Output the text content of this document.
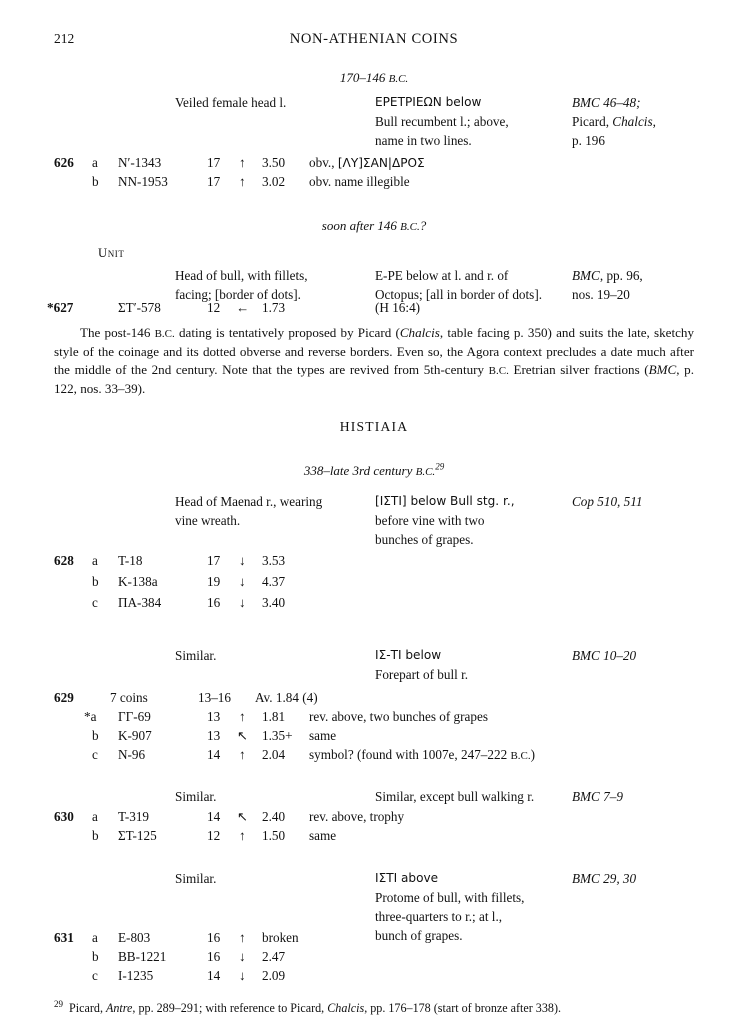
212	NON-ATHENIAN COINS
170–146 B.C.
Veiled female head l.	ΕΡΕΤΡΙΕΩΝ below	BMC 46–48;
Bull recumbent l.; above,	Picard, Chalcis,
name in two lines.	p. 196
626 a N′-1343	17 ↑ 3.50 obv., [ΛΥ]ΣΑΝ|ΔΡΟΣ
b NN-1953	17 ↑ 3.02 obv. name illegible
soon after 146 B.C.?
Unit
Head of bull, with fillets,	E-PE below at l. and r. of	BMC, pp. 96,
facing; [border of dots].	Octopus; [all in border of dots]. nos. 19–20
*627	ΣΤ′-578	12 ← 1.73	(H 16:4)
The post-146 B.C. dating is tentatively proposed by Picard (Chalcis, table facing p. 350) and suits the late, sketchy style of the coinage and its dotted obverse and reverse borders. Even so, the Agora context precludes a date much after the middle of the 2nd century. Note that the types are revived from 5th-century B.C. Eretrian silver fractions (BMC, p. 122, nos. 33–39).
HISTIAIA
338–late 3rd century B.C.$^{29}$
Head of Maenad r., wearing	[ΙΣΤΙ] below Bull stg. r.,	Cop 510, 511
vine wreath.	before vine with two
bunches of grapes.
628 a T-18	17 ↓ 3.53
b K-138a	19 ↓ 4.37
c ΠΑ-384	16 ↓ 3.40
Similar.	ΙΣ-ΤΙ below	BMC 10–20
Forepart of bull r.
629	7 coins	13–16 Av. 1.84 (4)
*a ΓΓ-69	13 ↑ 1.81 rev. above, two bunches of grapes
b K-907	13 ↖ 1.35+ same
c N-96	14 ↑ 2.04 symbol? (found with 1007e, 247–222 B.C.)
Similar.	Similar, except bull walking r.	BMC 7–9
630 a T-319	14 ↖ 2.40 rev. above, trophy
b ΣT-125	12 ↑ 1.50 same
Similar.	ΙΣΤΙ above	BMC 29, 30
Protome of bull, with fillets,
three-quarters to r.; at l.,
bunch of grapes.
631 a E-803	16 ↑ broken
b BB-1221	16 ↓ 2.47
c I-1235	14 ↓ 2.09
$^{29}$  Picard, Antre, pp. 289–291; with reference to Picard, Chalcis, pp. 176–178 (start of bronze after 338).
